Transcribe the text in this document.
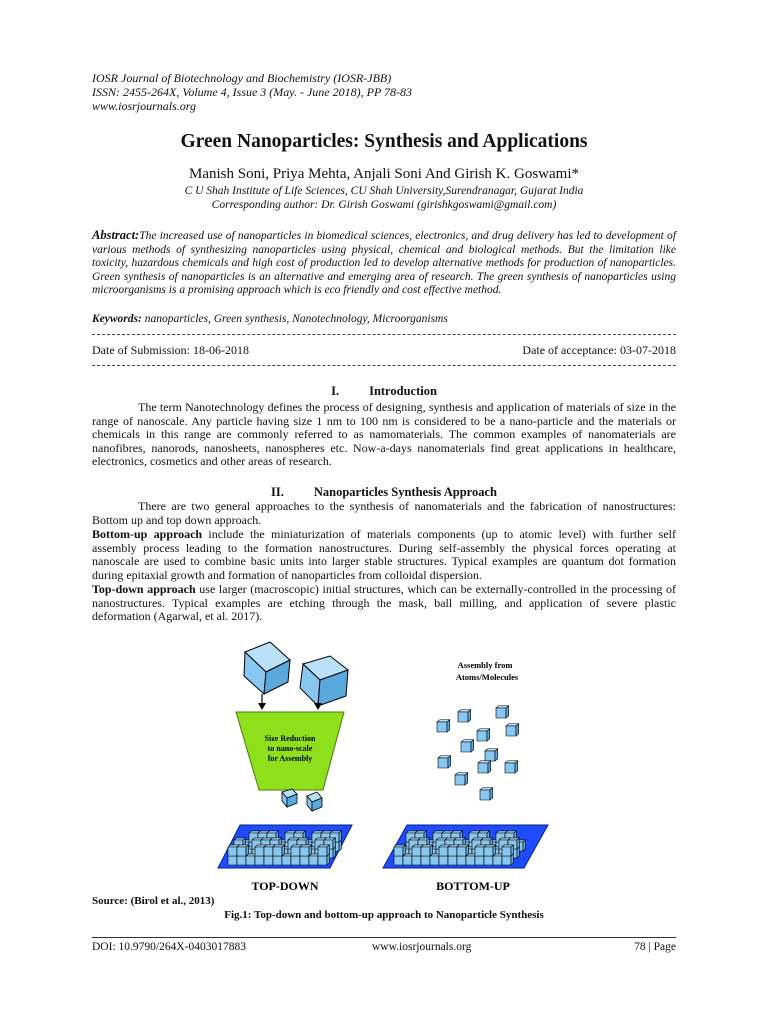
IOSR Journal of Biotechnology and Biochemistry (IOSR-JBB)
ISSN: 2455-264X, Volume 4, Issue 3 (May. - June 2018), PP 78-83
www.iosrjournals.org
Green Nanoparticles: Synthesis and Applications
Manish Soni, Priya Mehta, Anjali Soni And Girish K. Goswami*
C U Shah Institute of Life Sciences, CU Shah University,Surendranagar, Gujarat India
Corresponding author: Dr. Girish Goswami (girishkgoswami@gmail.com)
Abstract:The increased use of nanoparticles in biomedical sciences, electronics, and drug delivery has led to development of various methods of synthesizing nanoparticles using physical, chemical and biological methods. But the limitation like toxicity, hazardous chemicals and high cost of production led to develop alternative methods for production of nanoparticles. Green synthesis of nanoparticles is an alternative and emerging area of research. The green synthesis of nanoparticles using microorganisms is a promising approach which is eco friendly and cost effective method.
Keywords: nanoparticles, Green synthesis, Nanotechnology, Microorganisms
Date of Submission: 18-06-2018	Date of acceptance: 03-07-2018
I. Introduction
The term Nanotechnology defines the process of designing, synthesis and application of materials of size in the range of nanoscale. Any particle having size 1 nm to 100 nm is considered to be a nano-particle and the materials or chemicals in this range are commonly referred to as namomaterials. The common examples of nanomaterials are nanofibres, nanorods, nanosheets, nanospheres etc. Now-a-days nanomaterials find great applications in healthcare, electronics, cosmetics and other areas of research.
II. Nanoparticles Synthesis Approach
There are two general approaches to the synthesis of nanomaterials and the fabrication of nanostructures: Bottom up and top down approach.
Bottom-up approach include the miniaturization of materials components (up to atomic level) with further self assembly process leading to the formation nanostructures. During self-assembly the physical forces operating at nanoscale are used to combine basic units into larger stable structures. Typical examples are quantum dot formation during epitaxial growth and formation of nanoparticles from colloidal dispersion.
Top-down approach use larger (macroscopic) initial structures, which can be externally-controlled in the processing of nanostructures. Typical examples are etching through the mask, ball milling, and application of severe plastic deformation (Agarwal, et al. 2017).
Size Reduction
to nano-scale
for Assembly
TOP-DOWN
Assembly from
Atoms/Molecules
BOTTOM-UP
Source: (Birol et al., 2013)
Fig.1: Top-down and bottom-up approach to Nanoparticle Synthesis
DOI: 10.9790/264X-0403017883	www.iosrjournals.org	78 | Page
